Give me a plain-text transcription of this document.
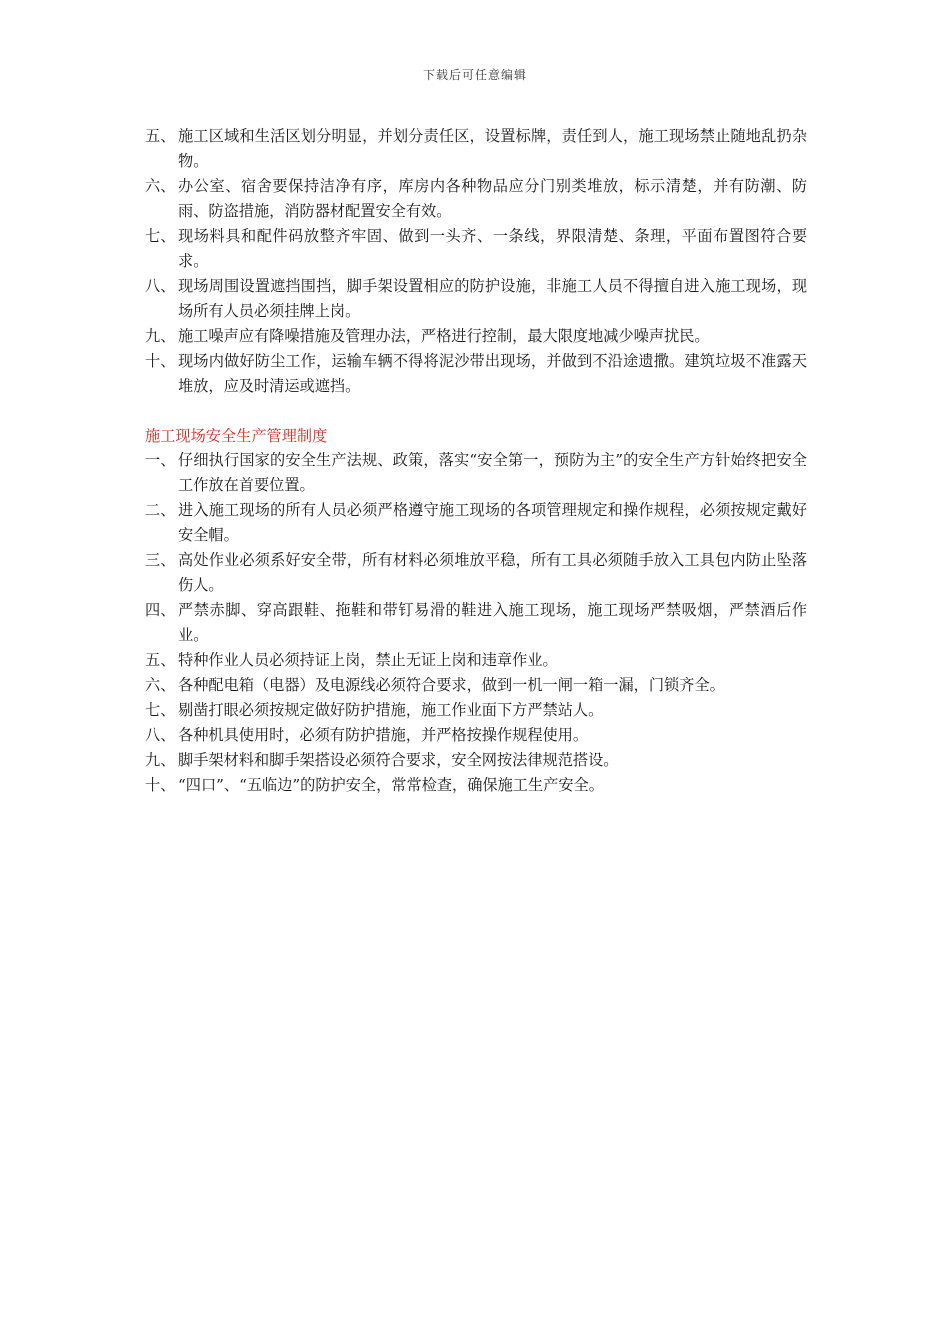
下载后可任意编辑
五、 施工区域和生活区划分明显，并划分责任区，设置标牌，责任到人，施工现场禁止随地乱扔杂物。
六、 办公室、宿舍要保持洁净有序，库房内各种物品应分门别类堆放，标示清楚，并有防潮、防雨、防盗措施，消防器材配置安全有效。
七、 现场料具和配件码放整齐牢固、做到一头齐、一条线，界限清楚、条理，平面布置图符合要求。
八、 现场周围设置遮挡围挡，脚手架设置相应的防护设施，非施工人员不得擅自进入施工现场，现场所有人员必须挂牌上岗。
九、 施工噪声应有降噪措施及管理办法，严格进行控制，最大限度地减少噪声扰民。
十、 现场内做好防尘工作，运输车辆不得将泥沙带出现场，并做到不沿途遗撒。建筑垃圾不准露天堆放，应及时清运或遮挡。
施工现场安全生产管理制度
一、 仔细执行国家的安全生产法规、政策，落实“安全第一，预防为主”的安全生产方针始终把安全工作放在首要位置。
二、 进入施工现场的所有人员必须严格遵守施工现场的各项管理规定和操作规程，必须按规定戴好安全帽。
三、 高处作业必须系好安全带，所有材料必须堆放平稳，所有工具必须随手放入工具包内防止坠落伤人。
四、 严禁赤脚、穿高跟鞋、拖鞋和带钉易滑的鞋进入施工现场，施工现场严禁吸烟，严禁酒后作业。
五、 特种作业人员必须持证上岗，禁止无证上岗和违章作业。
六、 各种配电箱（电器）及电源线必须符合要求，做到一机一闸一箱一漏，门锁齐全。
七、 剔凿打眼必须按规定做好防护措施，施工作业面下方严禁站人。
八、 各种机具使用时，必须有防护措施，并严格按操作规程使用。
九、 脚手架材料和脚手架搭设必须符合要求，安全网按法律规范搭设。
十、 “四口”、“五临边”的防护安全，常常检查，确保施工生产安全。
